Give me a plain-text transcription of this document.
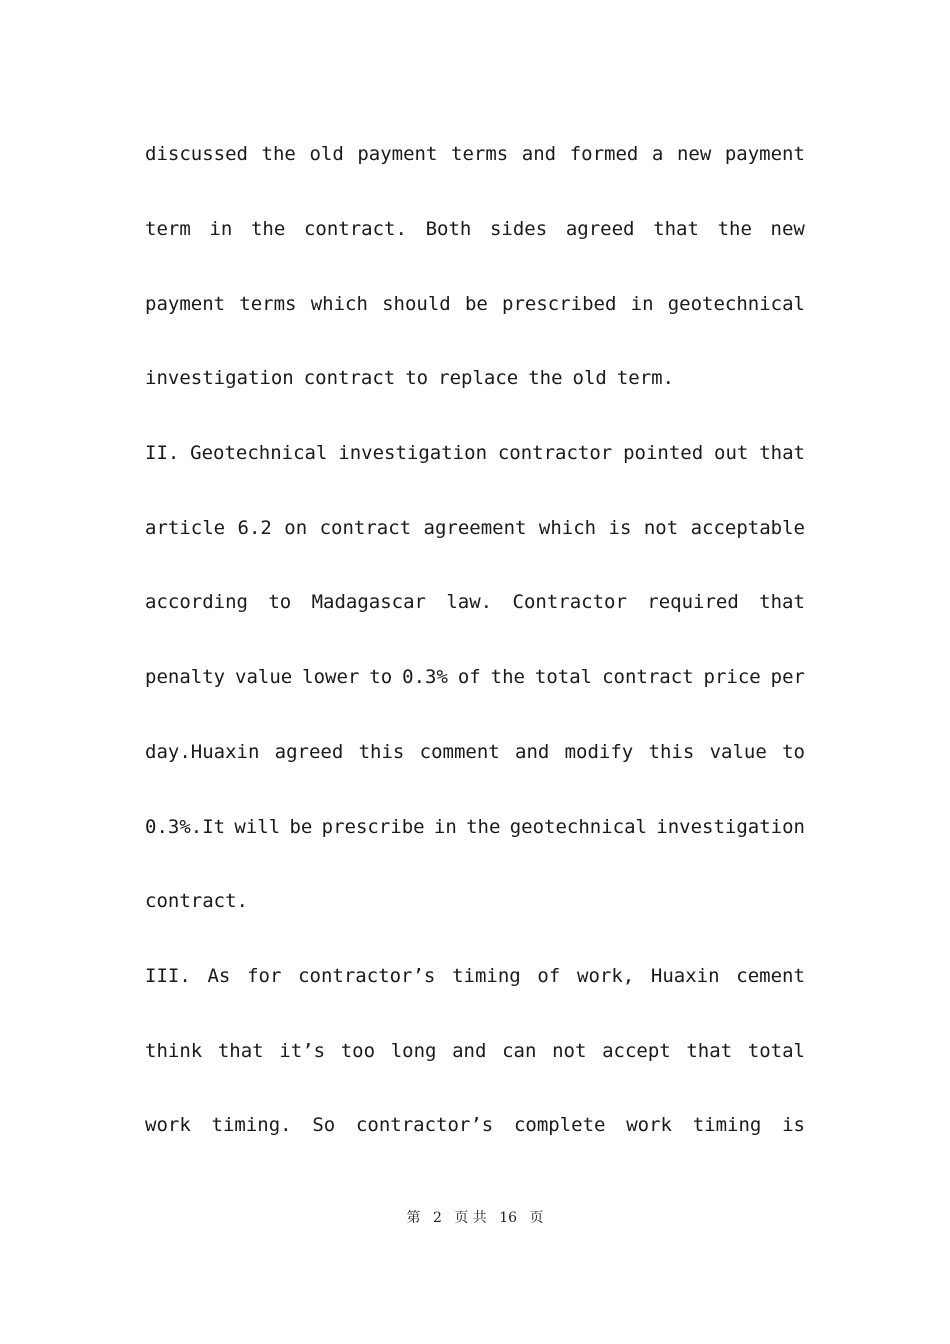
discussed the old payment terms and formed a new payment
term in the contract. Both sides agreed that the new
payment terms which should be prescribed in geotechnical
investigation contract to replace the old term.
II. Geotechnical investigation contractor pointed out that
article 6.2 on contract agreement which is not acceptable
according to Madagascar law. Contractor required that
penalty value lower to 0.3% of the total contract price per
day.Huaxin agreed this comment and modify this value to
0.3%.It will be prescribe in the geotechnical investigation
contract.
III. As for contractor’s timing of work, Huaxin cement
think that it’s too long and can not accept that total
work timing. So contractor’s complete work timing is
第 2 页 共 16 页
